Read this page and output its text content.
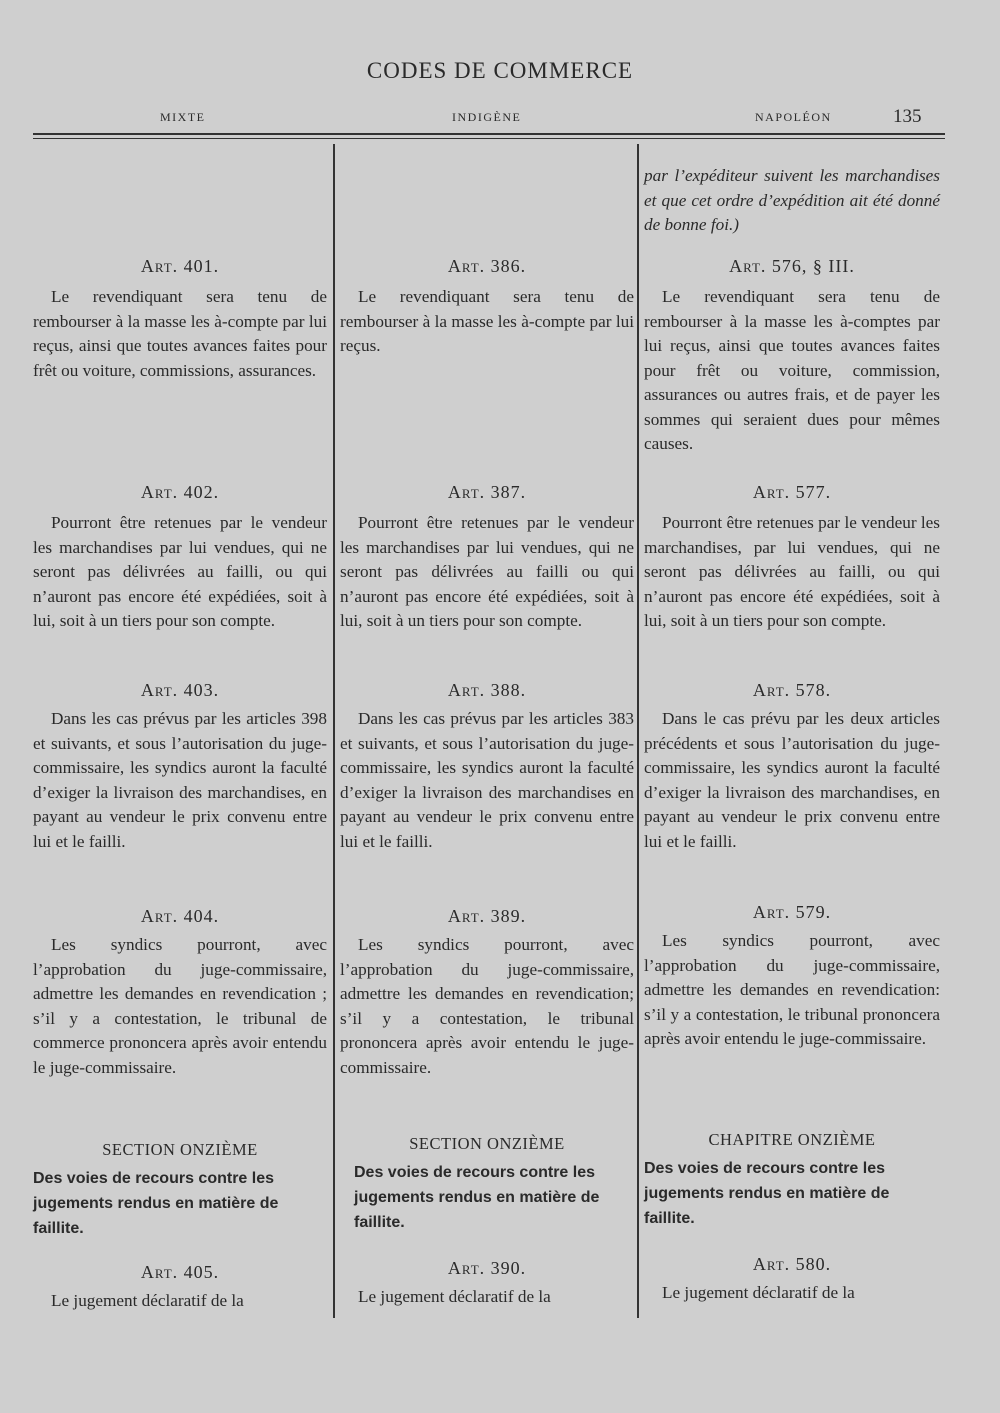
CODES DE COMMERCE
MIXTE	INDIGÈNE	NAPOLÉON	135
Art. 401.

Le revendiquant sera tenu de rembourser à la masse les à-compte par lui reçus, ainsi que toutes avances faites pour frêt ou voiture, commissions, assurances.

Art. 402.

Pourront être retenues par le vendeur les marchandises par lui vendues, qui ne seront pas délivrées au failli, ou qui n’auront pas encore été expédiées, soit à lui, soit à un tiers pour son compte.

Art. 403.

Dans les cas prévus par les articles 398 et suivants, et sous l’autorisation du juge-commissaire, les syndics auront la faculté d’exiger la livraison des marchandises, en payant au vendeur le prix convenu entre lui et le failli.

Art. 404.

Les syndics pourront, avec l’approbation du juge-commissaire, admettre les demandes en revendication ; s’il y a contestation, le tribunal de commerce prononcera après avoir entendu le juge-commissaire.

SECTION ONZIÈME
Des voies de recours contre les jugements rendus en matière de faillite.
Art. 405.

Le jugement déclaratif de la

Art. 386.

Le revendiquant sera tenu de rembourser à la masse les à-compte par lui reçus.

Art. 387.

Pourront être retenues par le vendeur les marchandises par lui vendues, qui ne seront pas délivrées au failli ou qui n’auront pas encore été expédiées, soit à lui, soit à un tiers pour son compte.

Art. 388.

Dans les cas prévus par les articles 383 et suivants, et sous l’autorisation du juge-commissaire, les syndics auront la faculté d’exiger la livraison des marchandises en payant au vendeur le prix convenu entre lui et le failli.

Art. 389.

Les syndics pourront, avec l’approbation du juge-commissaire, admettre les demandes en revendication; s’il y a contestation, le tribunal prononcera après avoir entendu le juge-commissaire.

SECTION ONZIÈME
Des voies de recours contre les jugements rendus en matière de faillite.
Art. 390.

Le jugement déclaratif de la

par l’expéditeur suivent les marchandises et que cet ordre d’expédition ait été donné de bonne foi.)

Art. 576, § III.

Le revendiquant sera tenu de rembourser à la masse les à-comptes par lui reçus, ainsi que toutes avances faites pour frêt ou voiture, commission, assurances ou autres frais, et de payer les sommes qui seraient dues pour mêmes causes.

Art. 577.

Pourront être retenues par le vendeur les marchandises, par lui vendues, qui ne seront pas délivrées au failli, ou qui n’auront pas encore été expédiées, soit à lui, soit à un tiers pour son compte.

Art. 578.

Dans le cas prévu par les deux articles précédents et sous l’autorisation du juge-commissaire, les syndics auront la faculté d’exiger la livraison des marchandises, en payant au vendeur le prix convenu entre lui et le failli.

Art. 579.

Les syndics pourront, avec l’approbation du juge-commissaire, admettre les demandes en revendication: s’il y a contestation, le tribunal prononcera après avoir entendu le juge-commissaire.

CHAPITRE ONZIÈME
Des voies de recours contre les jugements rendus en matière de faillite.
Art. 580.

Le jugement déclaratif de la
